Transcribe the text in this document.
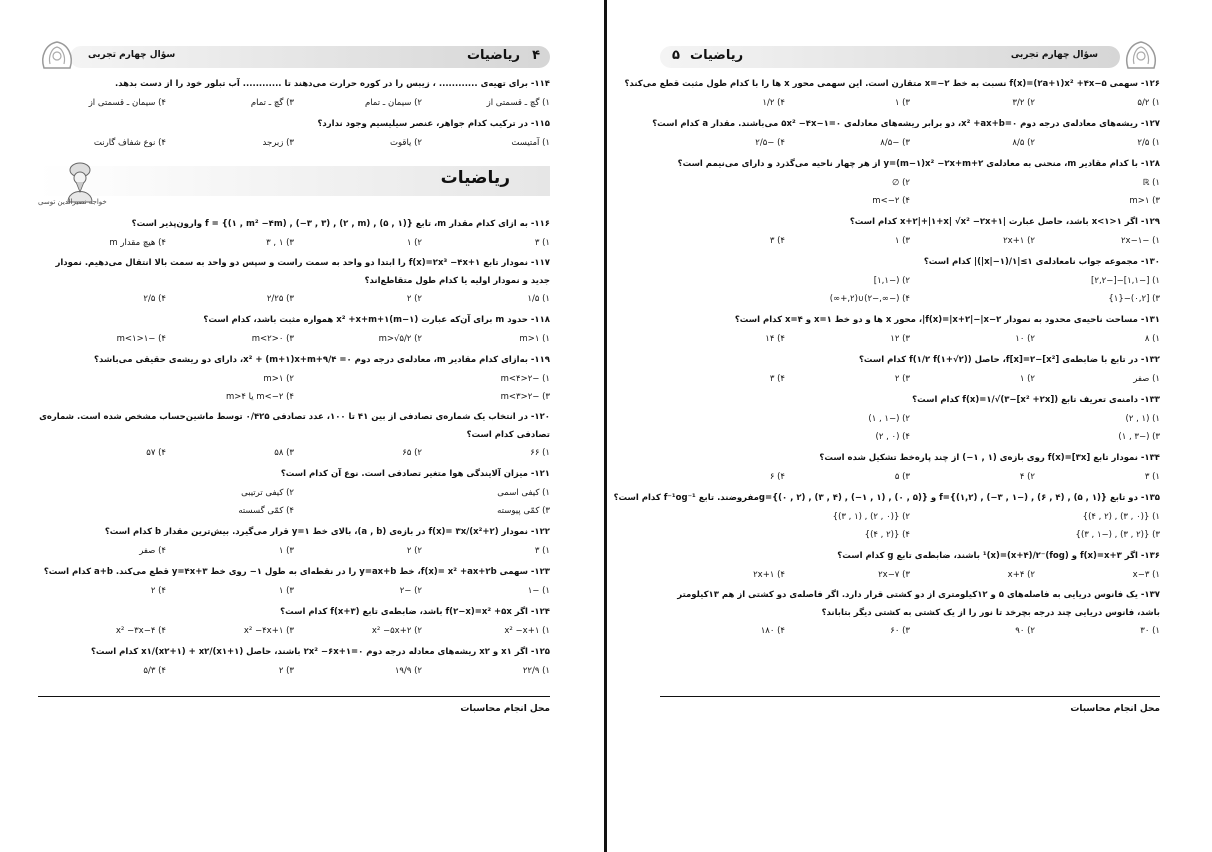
ریاضیات ۴
سؤال چهارم تجربی

۱۱۴- برای تهیه‌ی ............ ، زیبس را در کوره حرارت می‌دهند تا ............ آب تبلور خود را از دست بدهد.

۱) گچ ـ قسمتی از
۲) سیمان ـ تمام
۳) گچ ـ تمام
۴) سیمان ـ قسمتی از

۱۱۵- در ترکیب کدام جواهر، عنصر سیلیسیم وجود ندارد؟

۱) آمتیست
۲) یاقوت
۳) زبرجد
۴) نوع شفاف گارنت
ریاضیات
خواجه نصیرالدین توسی

۱۱۶- به ازای کدام مقدار m، تابع f = {(۱ , m² −۴m) , (−۳ , ۳) , (۲ , m) , (۵ , ۱)} وارون‌پذیر است؟

۱) ۳
۲) ۱
۳) ۱ , ۳
۴) هیچ مقدار m

۱۱۷- نمودار تابع f(x)=۲x³ −۴x+۱ را ابتدا دو واحد به سمت راست و سپس دو واحد به سمت بالا انتقال می‌دهیم. نمودار جدید و نمودار اولیه یا کدام طول متقاطع‌اند؟

۱) ۱/۵
۲) ۲
۳) ۲/۲۵
۴) ۲/۵

۱۱۸- حدود m برای آن‌که عبارت (m−۱)x² +x+m+۱ همواره مثبت باشد، کدام است؟

۱) m>۱
۲) m>√۵/۲
۳) ۰<m<۲
۴) −۱<m<۱

۱۱۹- به‌ازای کدام مقادیر m، معادله‌ی درجه دوم x² + (m+۱)x+m+۹/۴ =۰، دارای دو ریشه‌ی حقیقی می‌باشد؟

۱) −۲<m<۴
۲) m>۱
۳) −۲<m<۳
۴) m<−۲ یا m>۴

۱۲۰- در انتخاب یک شماره‌ی تصادفی از بین ۴۱ تا ۱۰۰، عدد تصادفی ۰/۴۲۵ توسط ماشین‌حساب مشخص شده است. شماره‌ی تصادفی کدام است؟

۱) ۶۶
۲) ۶۵
۳) ۵۸
۴) ۵۷

۱۲۱- میزان آلایندگی هوا متغیر تصادفی است. نوع آن کدام است؟

۱) کیفی اسمی
۲) کیفی ترتیبی
۳) کمّی پیوسته
۴) کمّی گسسته

۱۲۲- نمودار f(x)= ۳x/(x²+۲) در بازه‌ی (a , b)، بالای خط y=۱ قرار می‌گیرد. بیش‌ترین مقدار b کدام است؟

۱) ۳
۲) ۲
۳) ۱
۴) صفر

۱۲۳- سهمی f(x)= x² +ax+۲b، خط y=ax+b را در نقطه‌ای به طول ۱− روی خط y=۴x+۳ قطع می‌کند. a+b کدام است؟

۱) −۱
۲) −۲
۳) ۱
۴) ۲

۱۲۴- اگر f(۲−x)=x² +۵x باشد، ضابطه‌ی تابع f(x+۳) کدام است؟

۱) x² −x+۱
۲) x² −۵x+۲
۳) x² −۴x+۱
۴) x² −۳x−۴

۱۲۵- اگر x۱ و x۲ ریشه‌های معادله درجه دوم ۲x² −۶x+۱=۰ باشند، حاصل x۱/(x۲+۱) + x۲/(x۱+۱) کدام است؟

۱) ۲۲/۹
۲) ۱۹/۹
۳) ۲
۴) ۵/۳
محل انجام محاسبات
ریاضیات
۵	سؤال چهارم تجربی

۱۲۶- سهمی f(x)=(۲a+۱)x² +۴x−۵ نسبت به خط x=−۲ متقارن است. این سهمی محور x ها را با کدام طول مثبت قطع می‌کند؟

۱) ۵/۲
۲) ۳/۲
۳) ۱
۴) ۱/۲

۱۲۷- ریشه‌های معادله‌ی درجه دوم x² +ax+b=۰، دو برابر ریشه‌های معادله‌ی ۵x² −۴x−۱=۰ می‌باشند. مقدار a کدام است؟

۱) ۲/۵
۲) ۸/۵
۳) −۸/۵
۴) −۲/۵

۱۲۸- با کدام مقادیر m، منحنی به معادله‌ی y=(m−۱)x² −۲x+m+۲ از هر چهار ناحیه می‌گذرد و دارای می‌نیمم است؟

۱) ℝ
۲) ∅
۳) m>۱
۴) m<−۲

۱۲۹- اگر ۱<x<۱ باشد، حاصل عبارت |x+۲|+|۱+x| √x² −۲x+۱ کدام است؟

۱) −۲x−۱
۲) ۲x+۱
۳) ۱
۴) ۳

۱۳۰- مجموعه جواب نامعادله‌ی ۱≥|۱/(۱−|x|)| کدام است؟

۱) [−۱,۱]−[−۲,۲]
۲) (−۱,۱]
۳) [۰,۲)−{۱}
۴) (−∞,−۲)∪(۲,+∞)

۱۳۱- مساحت ناحیه‌ی محدود به نمودار f(x)=|x+۲|−|x−۲|، محور x ها و دو خط x=۱ و x=۴ کدام است؟

۱) ۸
۲) ۱۰
۳) ۱۲
۴) ۱۴

۱۳۲- در تابع با ضابطه‌ی f[x]=۲−[x²]، حاصل f(۱/۲ f(۱+√۲)) کدام است؟

۱) صفر
۲) ۱
۳) ۲
۴) ۳

۱۳۳- دامنه‌ی تعریف تابع f(x)=۱/√(۳−[x² +۲x]) کدام است؟

۱) (۱ , ۲)
۲) (−۱ , ۱)
۳) (−۳ , ۱)
۴) (۰ , ۲)

۱۳۴- نمودار تابع f(x)=[۳x] روی بازه‌ی (۱ , ۱−) از چند پاره‌خط تشکیل شده است؟

۱) ۳
۲) ۴
۳) ۵
۴) ۶

۱۳۵- دو تابع f={(۱,۲) , (−۳ , ۱−) , (۶ , ۴) , (۵ , ۱)} و g={(۰ , ۲) , (۳ , ۴) , (−۱ , ۱) , (۰ , ۵)}مفروضند. تابع f⁻¹og⁻¹ کدام است؟

۱) {(۰ , ۳) , (۲ , ۴)}
۲) {(۰ , ۲) , (۱ , ۳)}
۳) {(۲ , ۳) , (−۱ , ۳)}
۴) {(۲ , ۴)}

۱۳۶- اگر f(x)=x+۳ و (fog)⁻¹(x)=(x+۴)/۲ باشند، ضابطه‌ی تابع g کدام است؟

۱) x−۳
۲) x+۴
۳) ۲x−۷
۴) ۲x+۱

۱۳۷- یک فانوس دریایی به فاصله‌های ۵ و ۱۲کیلومتری از دو کشتی قرار دارد. اگر فاصله‌ی دو کشتی از هم ۱۳کیلومتر باشد، فانوس دریایی چند درجه بچرخد تا نور را از یک کشتی به کشتی دیگر بتاباند؟

۱) ۳۰
۲) ۹۰
۳) ۶۰
۴) ۱۸۰
محل انجام محاسبات
